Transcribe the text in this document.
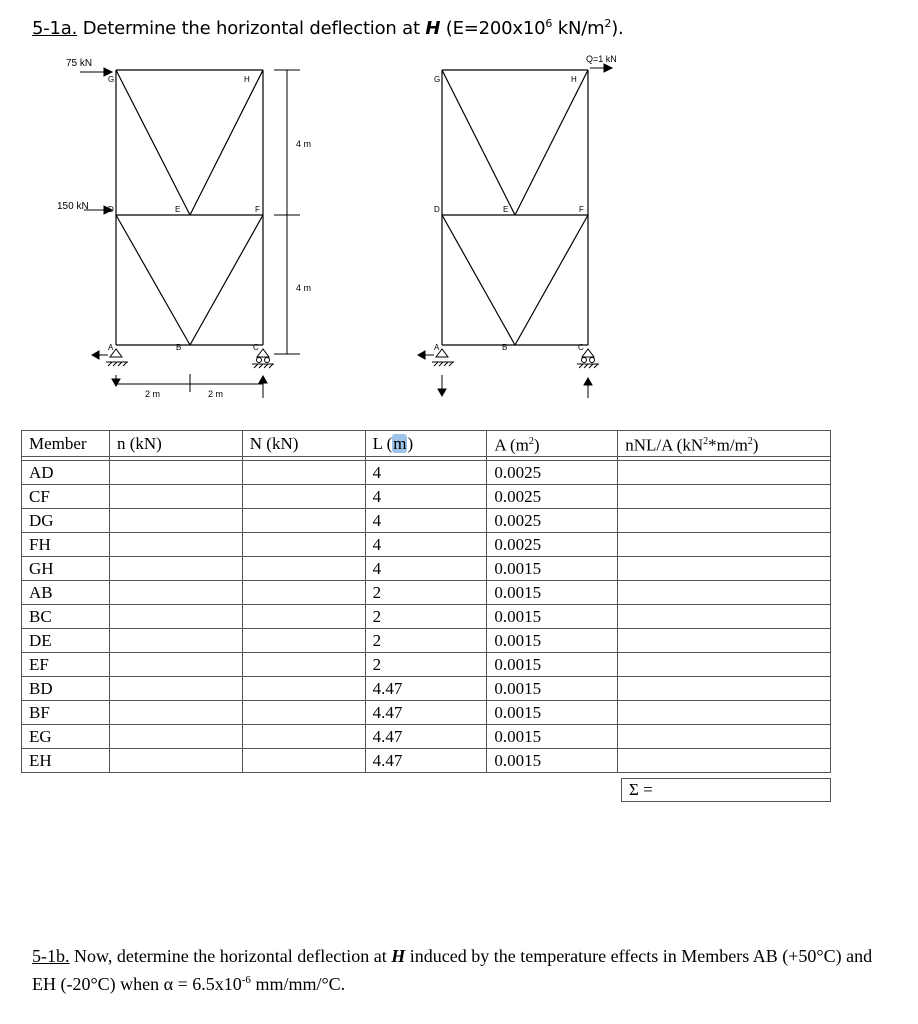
5-1a. Determine the horizontal deflection at H ($E=200x10^6$ $kN/m^2$).
75 kN
150 kN
G	H
D	E	F
A	B	C
4 m
4 m
2 m	2 m
Q=1 kN
G	H
D	E	F
A	B	C
Member	n (kN)	N (kN)	L (m)	A $(m^2)$	nNL/A $(kN^2*m/m^2)$

AD			4	0.0025	
CF			4	0.0025	
DG			4	0.0025	
FH			4	0.0025	
GH			4	0.0015	
AB			2	0.0015	
BC			2	0.0015	
DE			2	0.0015	
EF			2	0.0015	
BD			4.47	0.0015	
BF			4.47	0.0015	
EG			4.47	0.0015	
EH			4.47	0.0015	
Σ =
5-1b. Now, determine the horizontal deflection at H induced by the temperature effects in Members AB (+50°C) and EH (-20°C) when $\alpha = 6.5x10^{-6}$ mm/mm/°C.
